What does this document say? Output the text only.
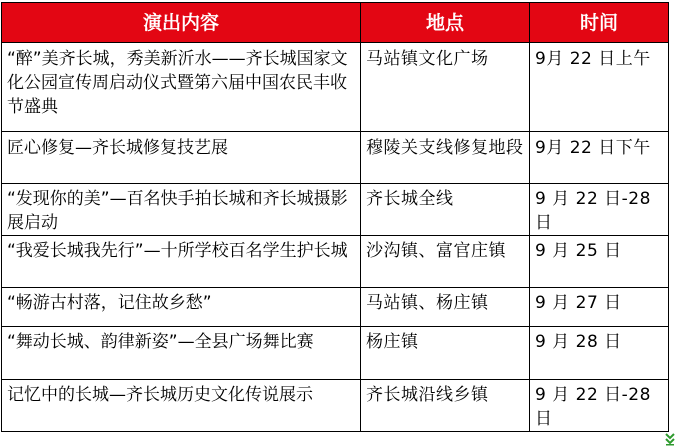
演出内容	地点	时间
“醉”美齐长城，秀美新沂水——齐长城国家文化公园宣传周启动仪式暨第六届中国农民丰收节盛典	马站镇文化广场	9月 22 日上午
匠心修复—齐长城修复技艺展	穆陵关支线修复地段	9月 22 日下午
“发现你的美”—百名快手拍长城和齐长城摄影展启动	齐长城全线	9 月 22 日-28 日
“我爱长城我先行”—十所学校百名学生护长城	沙沟镇、富官庄镇	9 月 25 日
“畅游古村落，记住故乡愁”	马站镇、杨庄镇	9 月 27 日
“舞动长城、韵律新姿”—全县广场舞比赛	杨庄镇	9 月 28 日
记忆中的长城—齐长城历史文化传说展示	齐长城沿线乡镇	9 月 22 日-28 日
